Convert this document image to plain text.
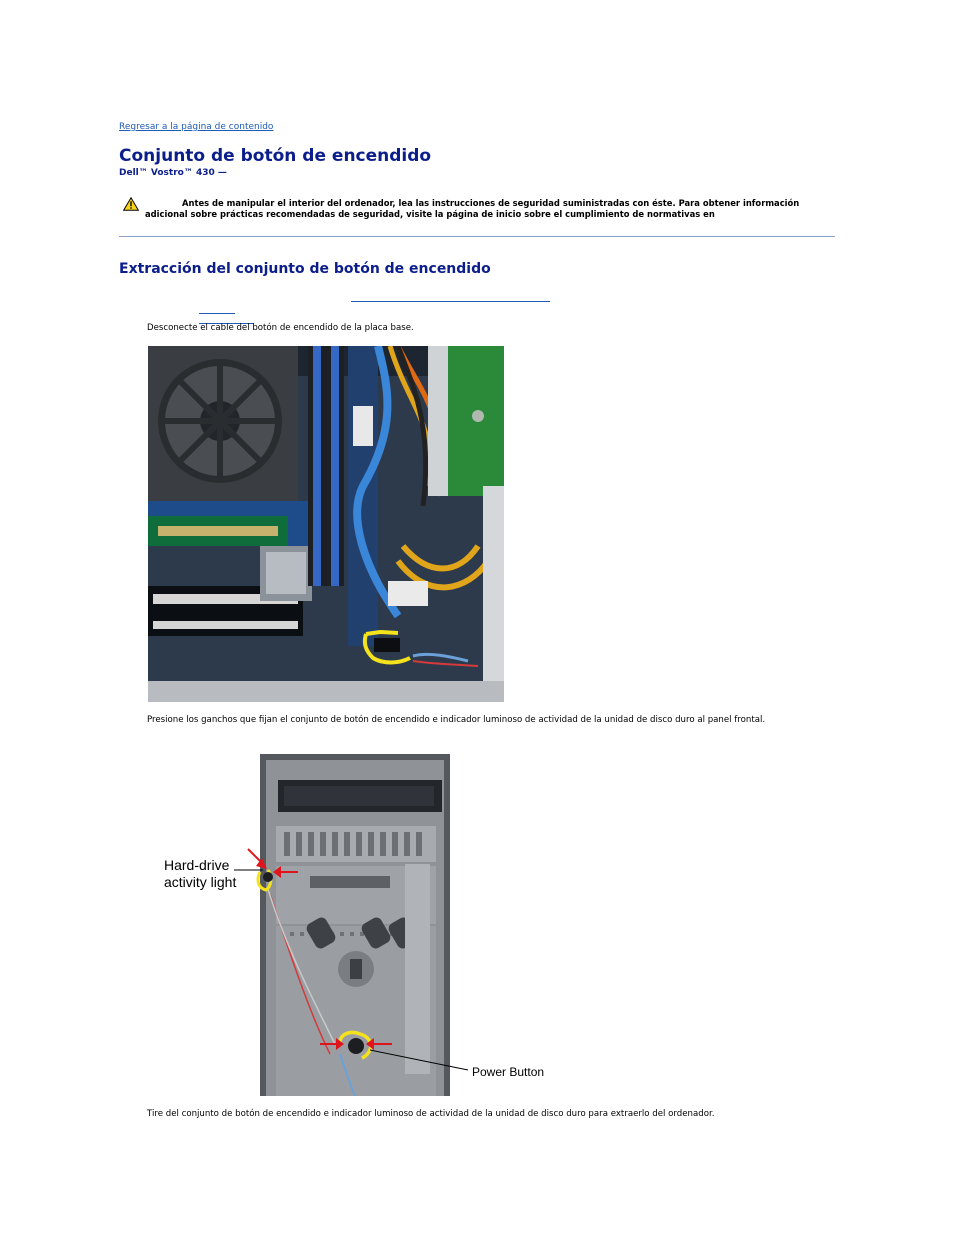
Regresar a la página de contenido
Conjunto de botón de encendido
Dell™ Vostro™ 430 —
Antes de manipular el interior del ordenador, lea las instrucciones de seguridad suministradas con éste. Para obtener información
adicional sobre prácticas recomendadas de seguridad, visite la página de inicio sobre el cumplimiento de normativas en
Extracción del conjunto de botón de encendido
Desconecte el cable del botón de encendido de la placa base.
Presione los ganchos que fijan el conjunto de botón de encendido e indicador luminoso de actividad de la unidad de disco duro al panel frontal.
Hard-drive
activity light
Power Button
Tire del conjunto de botón de encendido e indicador luminoso de actividad de la unidad de disco duro para extraerlo del ordenador.
